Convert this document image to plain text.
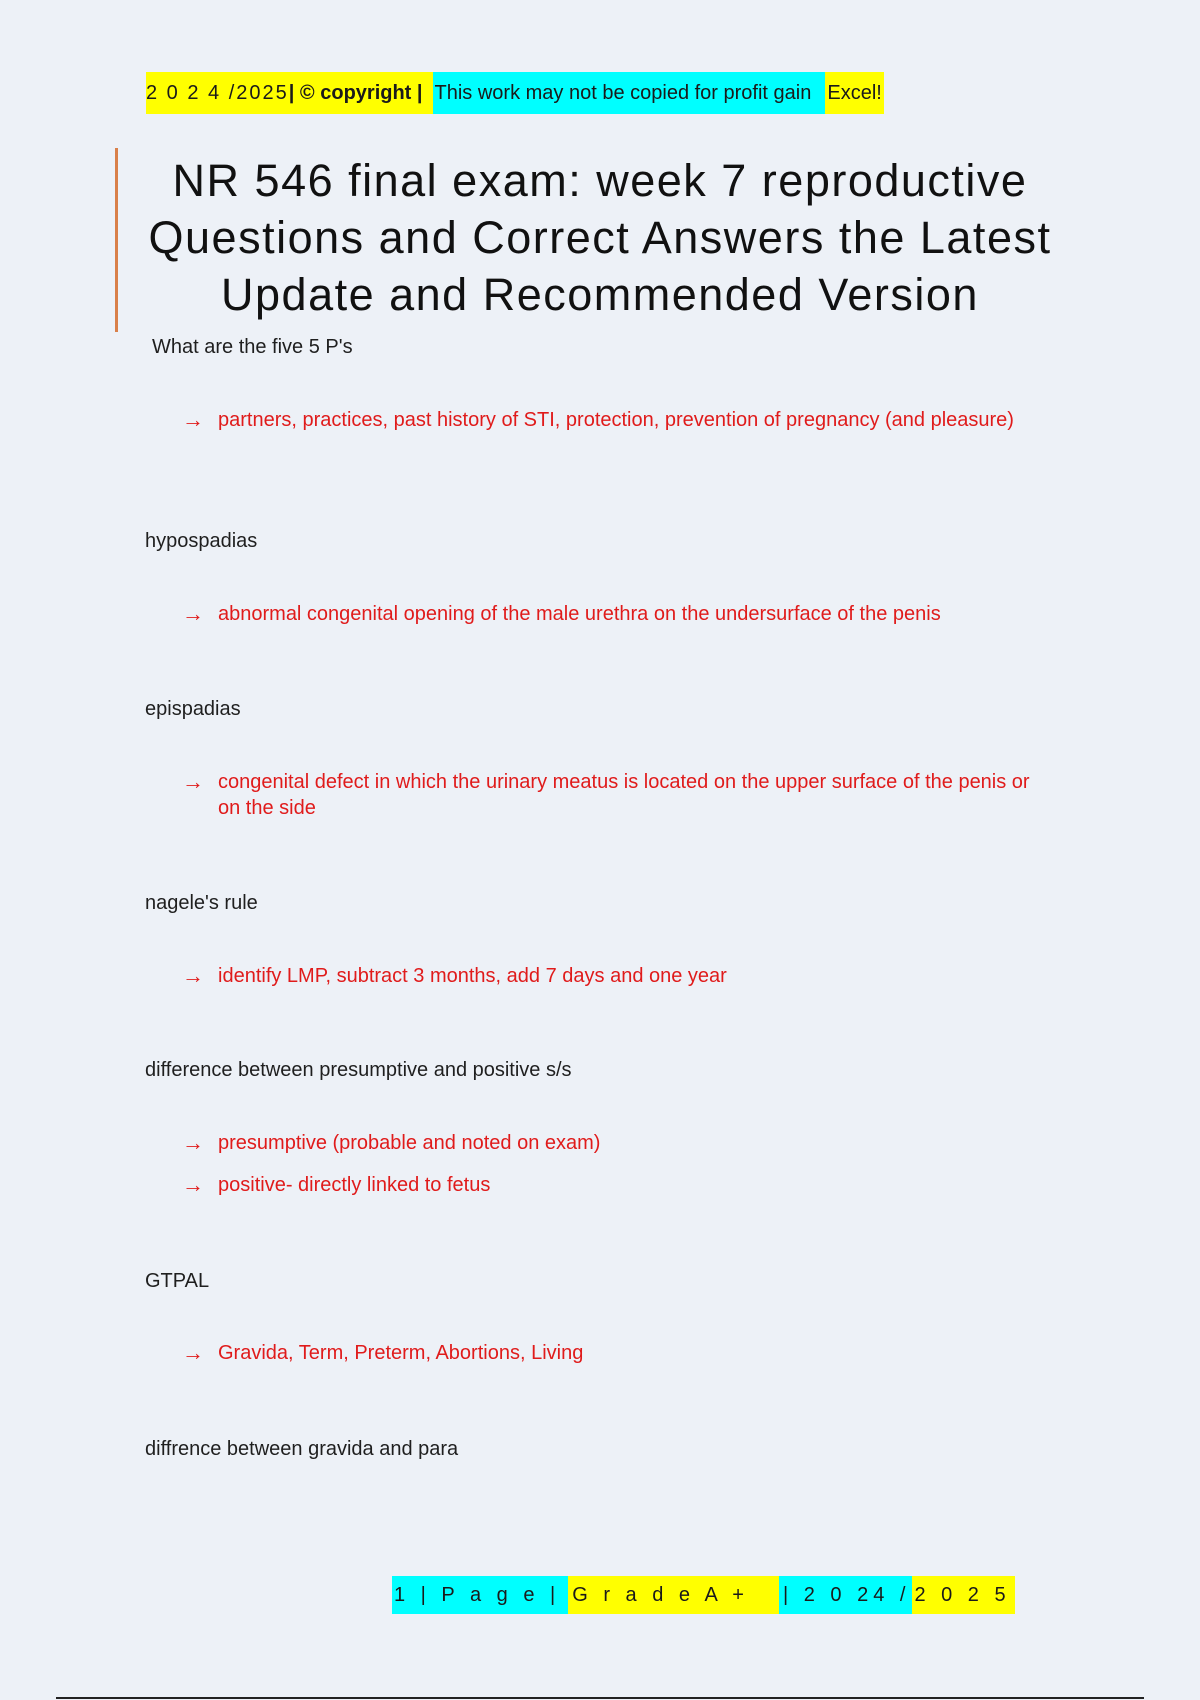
2 0 2 4 /2025 | © copyright | This work may not be copied for profit gain Excel!
NR 546 final exam: week 7 reproductive Questions and Correct Answers the Latest Update and Recommended Version
What are the five 5 P's
→ partners, practices, past history of STI, protection, prevention of pregnancy (and pleasure)
hypospadias
→ abnormal congenital opening of the male urethra on the undersurface of the penis
epispadias
→ congenital defect in which the urinary meatus is located on the upper surface of the penis or on the side
nagele's rule
→ identify LMP, subtract 3 months, add 7 days and one year
difference between presumptive and positive s/s
→ presumptive (probable and noted on exam)
→ positive- directly linked to fetus
GTPAL
→ Gravida, Term, Preterm, Abortions, Living
diffrence between gravida and para
1 | P a g e | G r a d e A +	| 2 0 24 / 2 0 2 5
